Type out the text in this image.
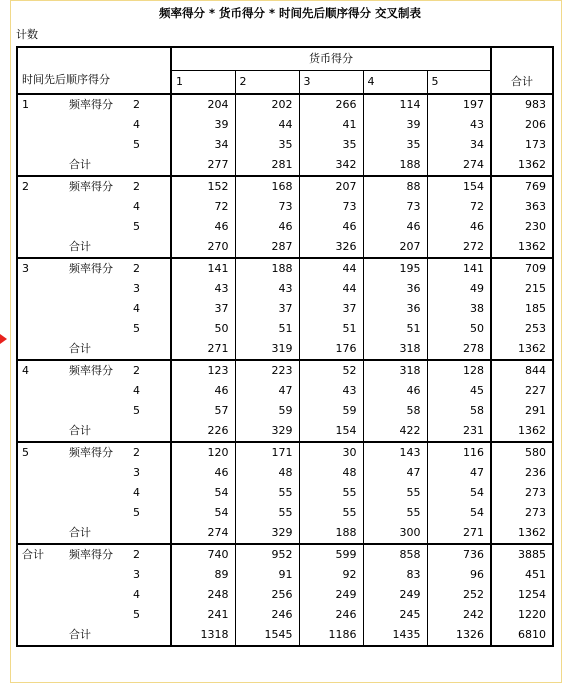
频率得分 * 货币得分 * 时间先后顺序得分 交叉制表
计数
时间先后顺序得分			货币得分					合计
			1	2	3	4	5	
1	频率得分	2	204	202	266	114	197	983
		4	39	44	41	39	43	206
		5	34	35	35	35	34	173
	合计		277	281	342	188	274	1362
2	频率得分	2	152	168	207	88	154	769
		4	72	73	73	73	72	363
		5	46	46	46	46	46	230
	合计		270	287	326	207	272	1362
3	频率得分	2	141	188	44	195	141	709
		3	43	43	44	36	49	215
		4	37	37	37	36	38	185
		5	50	51	51	51	50	253
	合计		271	319	176	318	278	1362
4	频率得分	2	123	223	52	318	128	844
		4	46	47	43	46	45	227
		5	57	59	59	58	58	291
	合计		226	329	154	422	231	1362
5	频率得分	2	120	171	30	143	116	580
		3	46	48	48	47	47	236
		4	54	55	55	55	54	273
		5	54	55	55	55	54	273
	合计		274	329	188	300	271	1362
合计	频率得分	2	740	952	599	858	736	3885
		3	89	91	92	83	96	451
		4	248	256	249	249	252	1254
		5	241	246	246	245	242	1220
	合计		1318	1545	1186	1435	1326	6810
